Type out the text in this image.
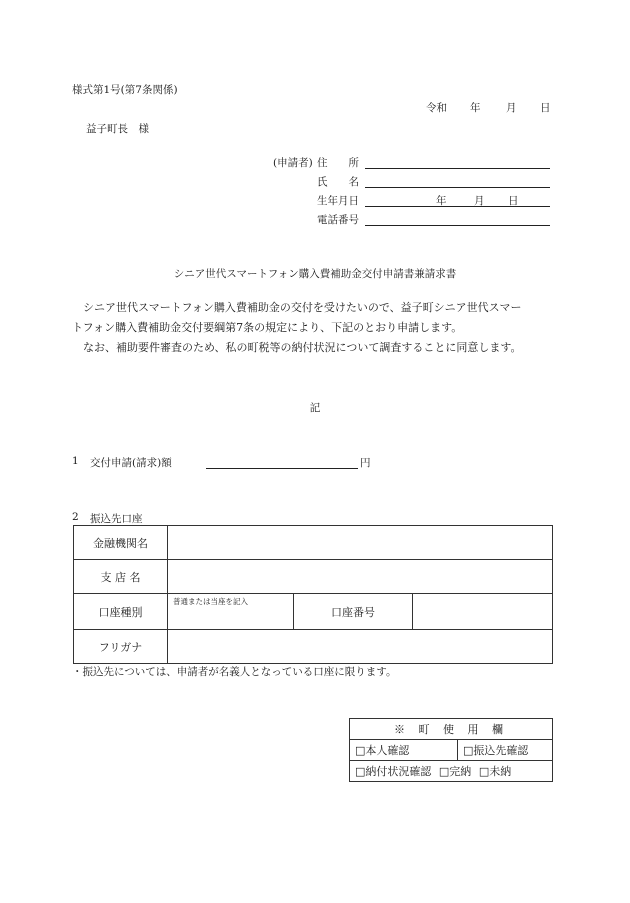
様式第1号(第7条関係)
令和 年 月 日
益子町長　様
(申請者) 住　　所
氏　　名
生年月日	年	月 日
電話番号
シニア世代スマートフォン購入費補助金交付申請書兼請求書
シニア世代スマートフォン購入費補助金の交付を受けたいので、益子町シニア世代スマー
トフォン購入費補助金交付要綱第7条の規定により、下記のとおり申請します。
なお、補助要件審査のため、私の町税等の納付状況について調査することに同意します。
記
1 交付申請(請求)額	円
2 振込先口座
金融機関名			
支 店 名			
口座種別	普通または当座を記入	口座番号	
フリガナ			
・振込先については、申請者が名義人となっている口座に限ります。
※ 町 使 用 欄
□本人確認	□振込先確認
□納付状況確認 □完納 □未納
